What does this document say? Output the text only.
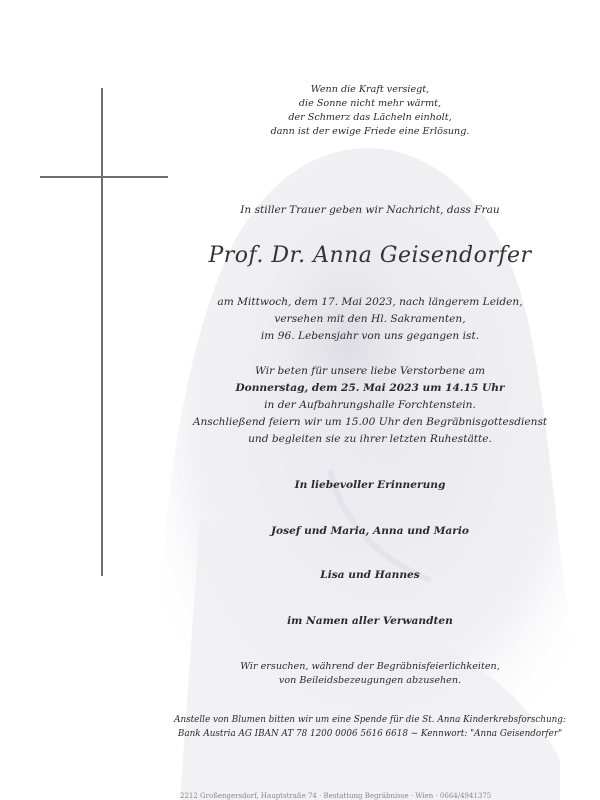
Wenn die Kraft versiegt,
die Sonne nicht mehr wärmt,
der Schmerz das Lächeln einholt,
dann ist der ewige Friede eine Erlösung.
In stiller Trauer geben wir Nachricht, dass Frau
Prof. Dr. Anna Geisendorfer
am Mittwoch, dem 17. Mai 2023, nach längerem Leiden,
versehen mit den Hl. Sakramenten,
im 96. Lebensjahr von uns gegangen ist.
Wir beten für unsere liebe Verstorbene am
Donnerstag, dem 25. Mai 2023 um 14.15 Uhr
in der Aufbahrungshalle Forchtenstein.
Anschließend feiern wir um 15.00 Uhr den Begräbnisgottesdienst
und begleiten sie zu ihrer letzten Ruhestätte.
In liebevoller Erinnerung
Josef und Maria, Anna und Mario
Lisa und Hannes
im Namen aller Verwandten
Wir ersuchen, während der Begräbnisfeierlichkeiten,
von Beileidsbezeugungen abzusehen.
Anstelle von Blumen bitten wir um eine Spende für die St. Anna Kinderkrebsforschung:
Bank Austria AG IBAN AT 78 1200 0006 5616 6618 ~ Kennwort: "Anna Geisendorfer"
2212 Großengersdorf, Hauptstraße 74 · Bestattung Begräbnisse · Wien · 0664/4941375
